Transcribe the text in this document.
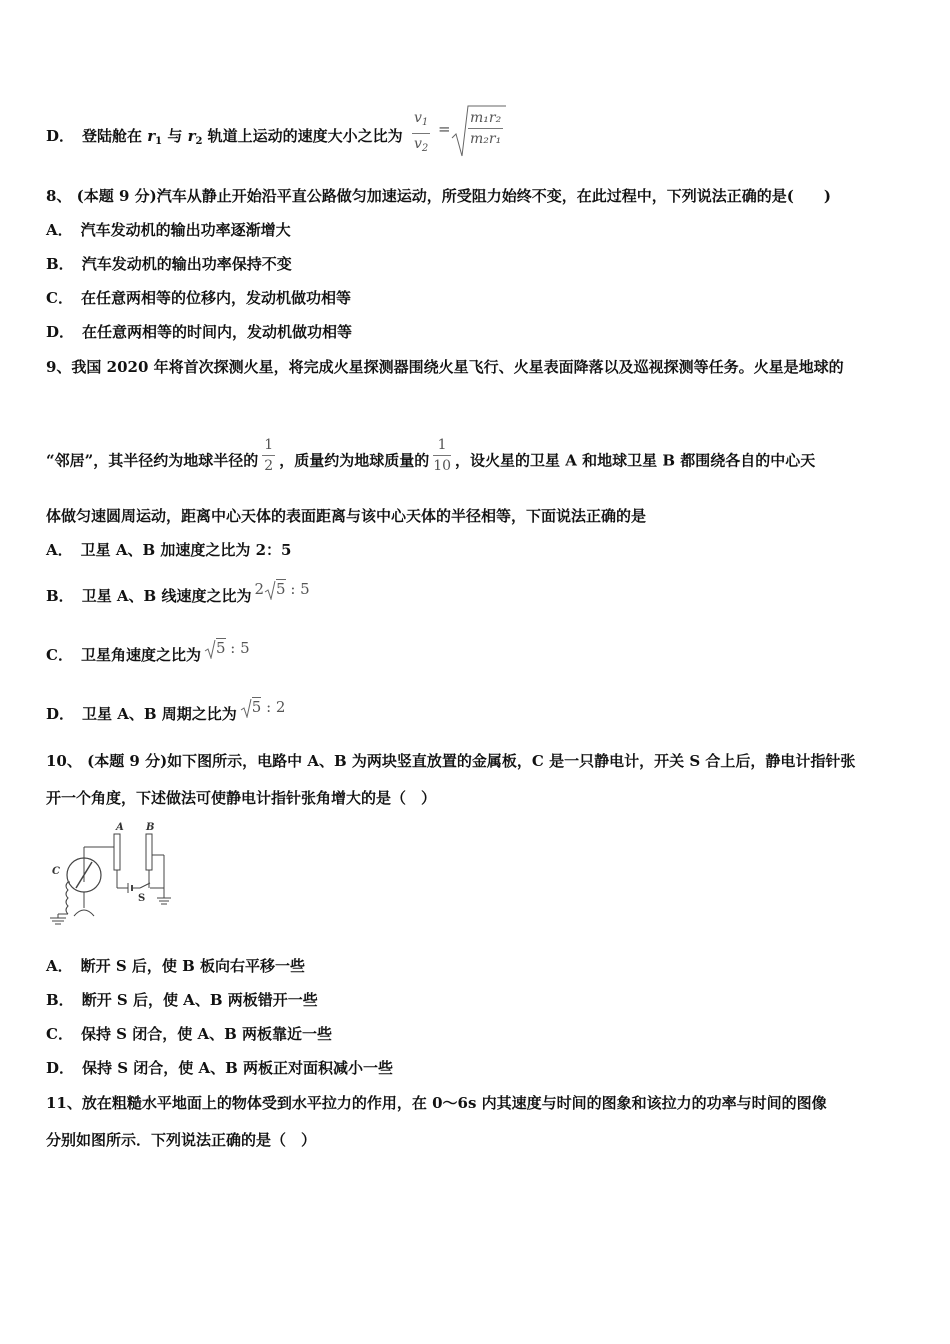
D． 登陆舱在 $r_1$ 与 $r_2$ 轨道上运动的速度大小之比为 $\frac{v_1}{v_2} = \frac{\text{m₁r₂}}{\text{m₂r₁}}$
8、 (本题 9 分)汽车从静止开始沿平直公路做匀加速运动，所受阻力始终不变，在此过程中，下列说法正确的是(　　)
A． 汽车发动机的输出功率逐渐增大
B． 汽车发动机的输出功率保持不变
C． 在任意两相等的位移内，发动机做功相等
D． 在任意两相等的时间内，发动机做功相等
9、我国 2020 年将首次探测火星，将完成火星探测器围绕火星飞行、火星表面降落以及巡视探测等任务。火星是地球的
“邻居”，其半径约为地球半径的 $\frac{1}{2}$ ，质量约为地球质量的 $\frac{1}{10}$ ，设火星的卫星 A 和地球卫星 B 都围绕各自的中心天
体做匀速圆周运动，距离中心天体的表面距离与该中心天体的半径相等，下面说法正确的是
A． 卫星 A、B 加速度之比为 2：5
B． 卫星 A、B 线速度之比为 2 5 : 5
C． 卫星角速度之比为 5 : 5
D． 卫星 A、B 周期之比为 5 : 2
10、 (本题 9 分)如下图所示，电路中 A、B 为两块竖直放置的金属板，C 是一只静电计，开关 S 合上后，静电计指针张
开一个角度，下述做法可使静电计指针张角增大的是（　）
A B
C
S
A． 断开 S 后，使 B 板向右平移一些
B． 断开 S 后，使 A、B 两板错开一些
C． 保持 S 闭合，使 A、B 两板靠近一些
D． 保持 S 闭合，使 A、B 两板正对面积减小一些
11、放在粗糙水平地面上的物体受到水平拉力的作用，在 0～6s 内其速度与时间的图象和该拉力的功率与时间的图像
分别如图所示．下列说法正确的是（　）
